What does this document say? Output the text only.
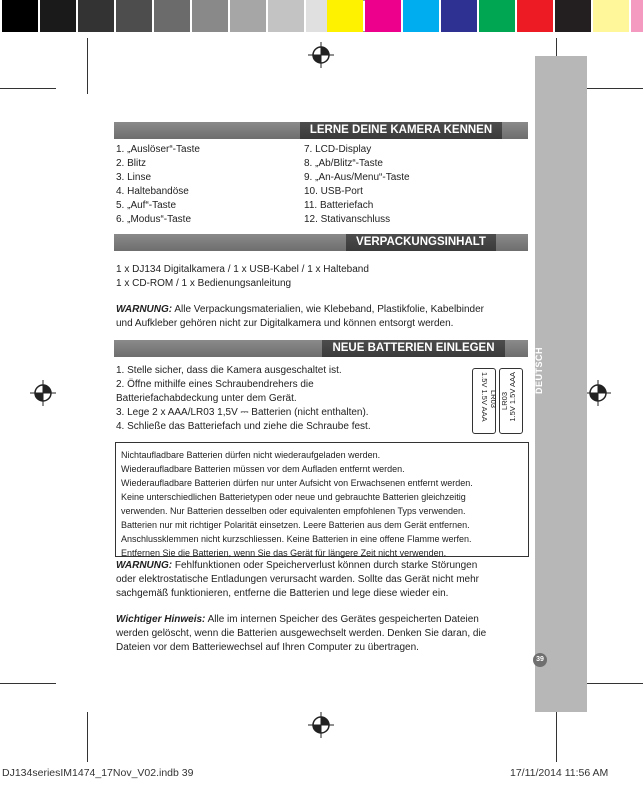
DEUTSCH
39
LERNE DEINE KAMERA KENNEN
1. „Auslöser“-Taste
2. Blitz
3. Linse
4. Haltebandöse
5. „Auf“-Taste
6. „Modus“-Taste
7. LCD-Display
8. „Ab/Blitz“-Taste
9. „An-Aus/Menu“-Taste
10. USB-Port
11. Batteriefach
12. Stativanschluss
VERPACKUNGSINHALT
1 x DJ134 Digitalkamera / 1 x USB-Kabel / 1 x Halteband
1 x CD-ROM / 1 x Bedienungsanleitung
WARNUNG: Alle Verpackungsmaterialien, wie Klebeband, Plastikfolie, Kabelbinder
und Aufkleber gehören nicht zur Digitalkamera und können entsorgt werden.
NEUE BATTERIEN EINLEGEN
1. Stelle sicher, dass die Kamera ausgeschaltet ist.
2. Öffne mithilfe eines Schraubendrehers die
Batteriefachabdeckung unter dem Gerät.
3. Lege 2 x AAA/LR03 1,5V ⎓ Batterien (nicht enthalten).
4. Schließe das Batteriefach und ziehe die Schraube fest.
1.5V 1.5V AAA LR03 1.5V 1.5V AAA
LR03
Nichtaufladbare Batterien dürfen nicht wiederaufgeladen werden.
Wiederaufladbare Batterien müssen vor dem Aufladen entfernt werden.
Wiederaufladbare Batterien dürfen nur unter Aufsicht von Erwachsenen entfernt werden.
Keine unterschiedlichen Batterietypen oder neue und gebrauchte Batterien gleichzeitig
verwenden. Nur Batterien desselben oder equivalenten empfohlenen Typs verwenden.
Batterien nur mit richtiger Polarität einsetzen. Leere Batterien aus dem Gerät entfernen.
Anschlussklemmen nicht kurzschliessen. Keine Batterien in eine offene Flamme werfen.
Entfernen Sie die Batterien, wenn Sie das Gerät für längere Zeit nicht verwenden.
WARNUNG: Fehlfunktionen oder Speicherverlust können durch starke Störungen
oder elektrostatische Entladungen verursacht warden. Sollte das Gerät nicht mehr
sachgemäß funktionieren, entferne die Batterien und lege diese wieder ein.
Wichtiger Hinweis: Alle im internen Speicher des Gerätes gespeicherten Dateien
werden gelöscht, wenn die Batterien ausgewechselt werden. Denken Sie daran, die
Dateien vor dem Batteriewechsel auf Ihren Computer zu übertragen.
DJ134seriesIM1474_17Nov_V02.indb 39	17/11/2014 11:56 AM
